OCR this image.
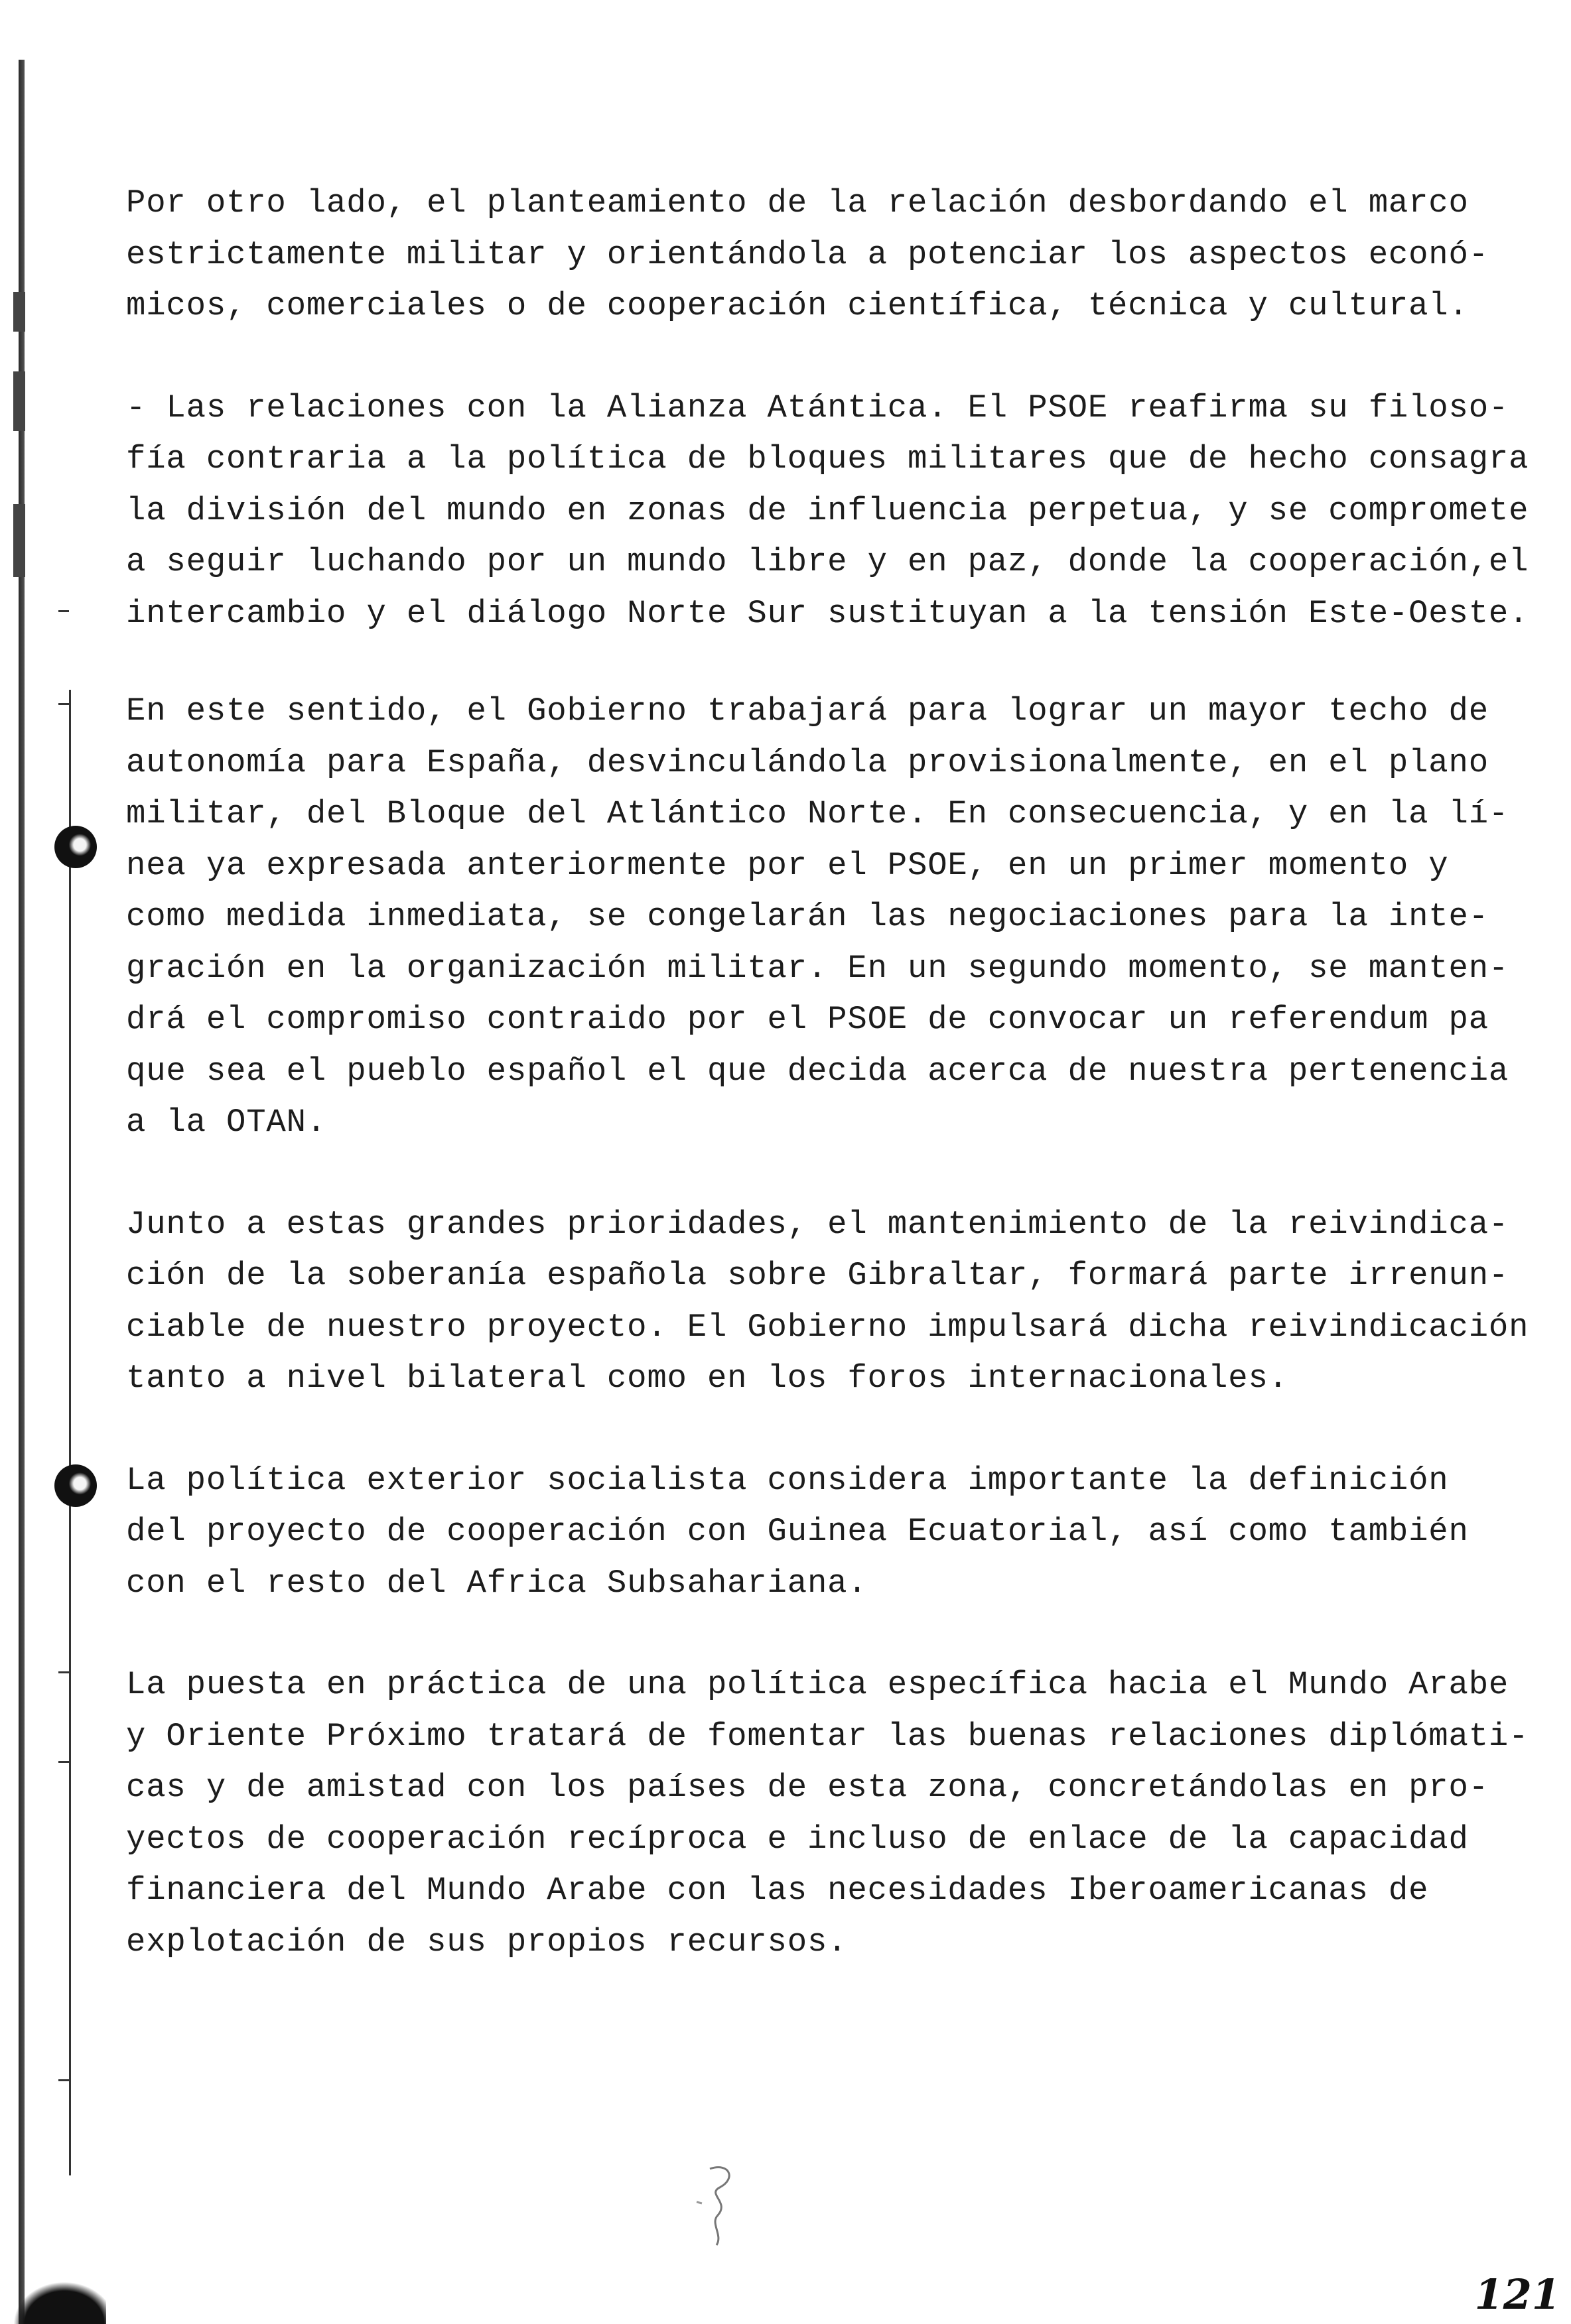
Por otro lado, el planteamiento de la relación desbordando el marco
estrictamente militar y orientándola a potenciar los aspectos econó-
micos, comerciales o de cooperación científica, técnica y cultural.

- Las relaciones con la Alianza Atántica. El PSOE reafirma su filoso-
fía contraria a la política de bloques militares que de hecho consagra
la división del mundo en zonas de influencia perpetua, y se compromete
a seguir luchando por un mundo libre y en paz, donde la cooperación,el
intercambio y el diálogo Norte Sur sustituyan a la tensión Este-Oeste.

En este sentido, el Gobierno trabajará para lograr un mayor techo de
autonomía para España, desvinculándola provisionalmente, en el plano
militar, del Bloque del Atlántico Norte. En consecuencia, y en la lí-
nea ya expresada anteriormente por el PSOE, en un primer momento y
como medida inmediata, se congelarán las negociaciones para la inte-
gración en la organización militar. En un segundo momento, se manten-
drá el compromiso contraido por el PSOE de convocar un referendum pa
que sea el pueblo español el que decida acerca de nuestra pertenencia
a la OTAN.

Junto a estas grandes prioridades, el mantenimiento de la reivindica-
ción de la soberanía española sobre Gibraltar, formará parte irrenun-
ciable de nuestro proyecto. El Gobierno impulsará dicha reivindicación
tanto a nivel bilateral como en los foros internacionales.

La política exterior socialista considera importante la definición
del proyecto de cooperación con Guinea Ecuatorial, así como también
con el resto del Africa Subsahariana.

La puesta en práctica de una política específica hacia el Mundo Arabe
y Oriente Próximo tratará de fomentar las buenas relaciones diplómati-
cas y de amistad con los países de esta zona, concretándolas en pro-
yectos de cooperación recíproca e incluso de enlace de la capacidad
financiera del Mundo Arabe con las necesidades Iberoamericanas de
explotación de sus propios recursos.

121
